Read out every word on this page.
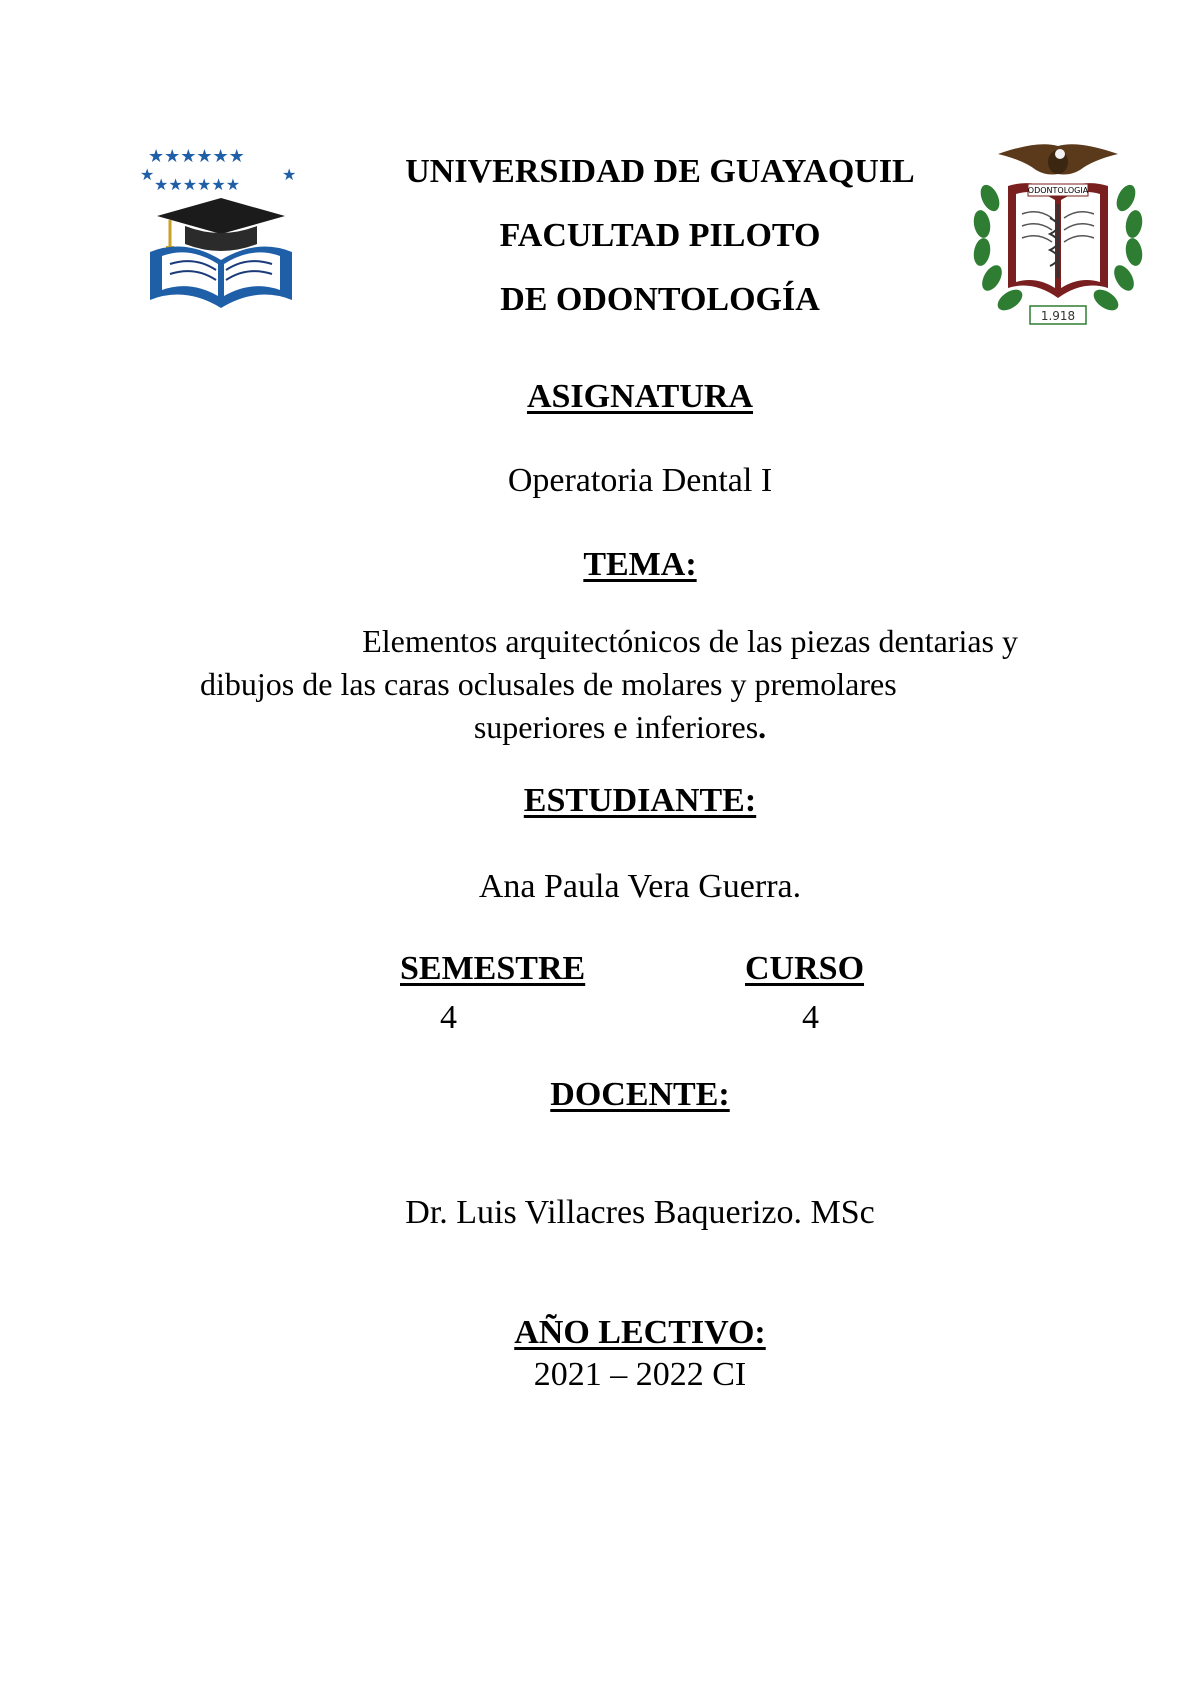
★★★★★★
★	★
★★★★★★	UNIVERSIDAD DE GUAYAQUIL
FACULTAD PILOTO
DE ODONTOLOGÍA
ODONTOLOGIA
1.918
ASIGNATURA
Operatoria Dental I
TEMA:
Elementos arquitectónicos de las piezas dentarias y
dibujos de las caras oclusales de molares y premolares
superiores e inferiores.
ESTUDIANTE:
Ana Paula Vera Guerra.
SEMESTRE
4
CURSO
4
DOCENTE:
Dr. Luis Villacres Baquerizo. MSc
AÑO LECTIVO:
2021 – 2022 CI
